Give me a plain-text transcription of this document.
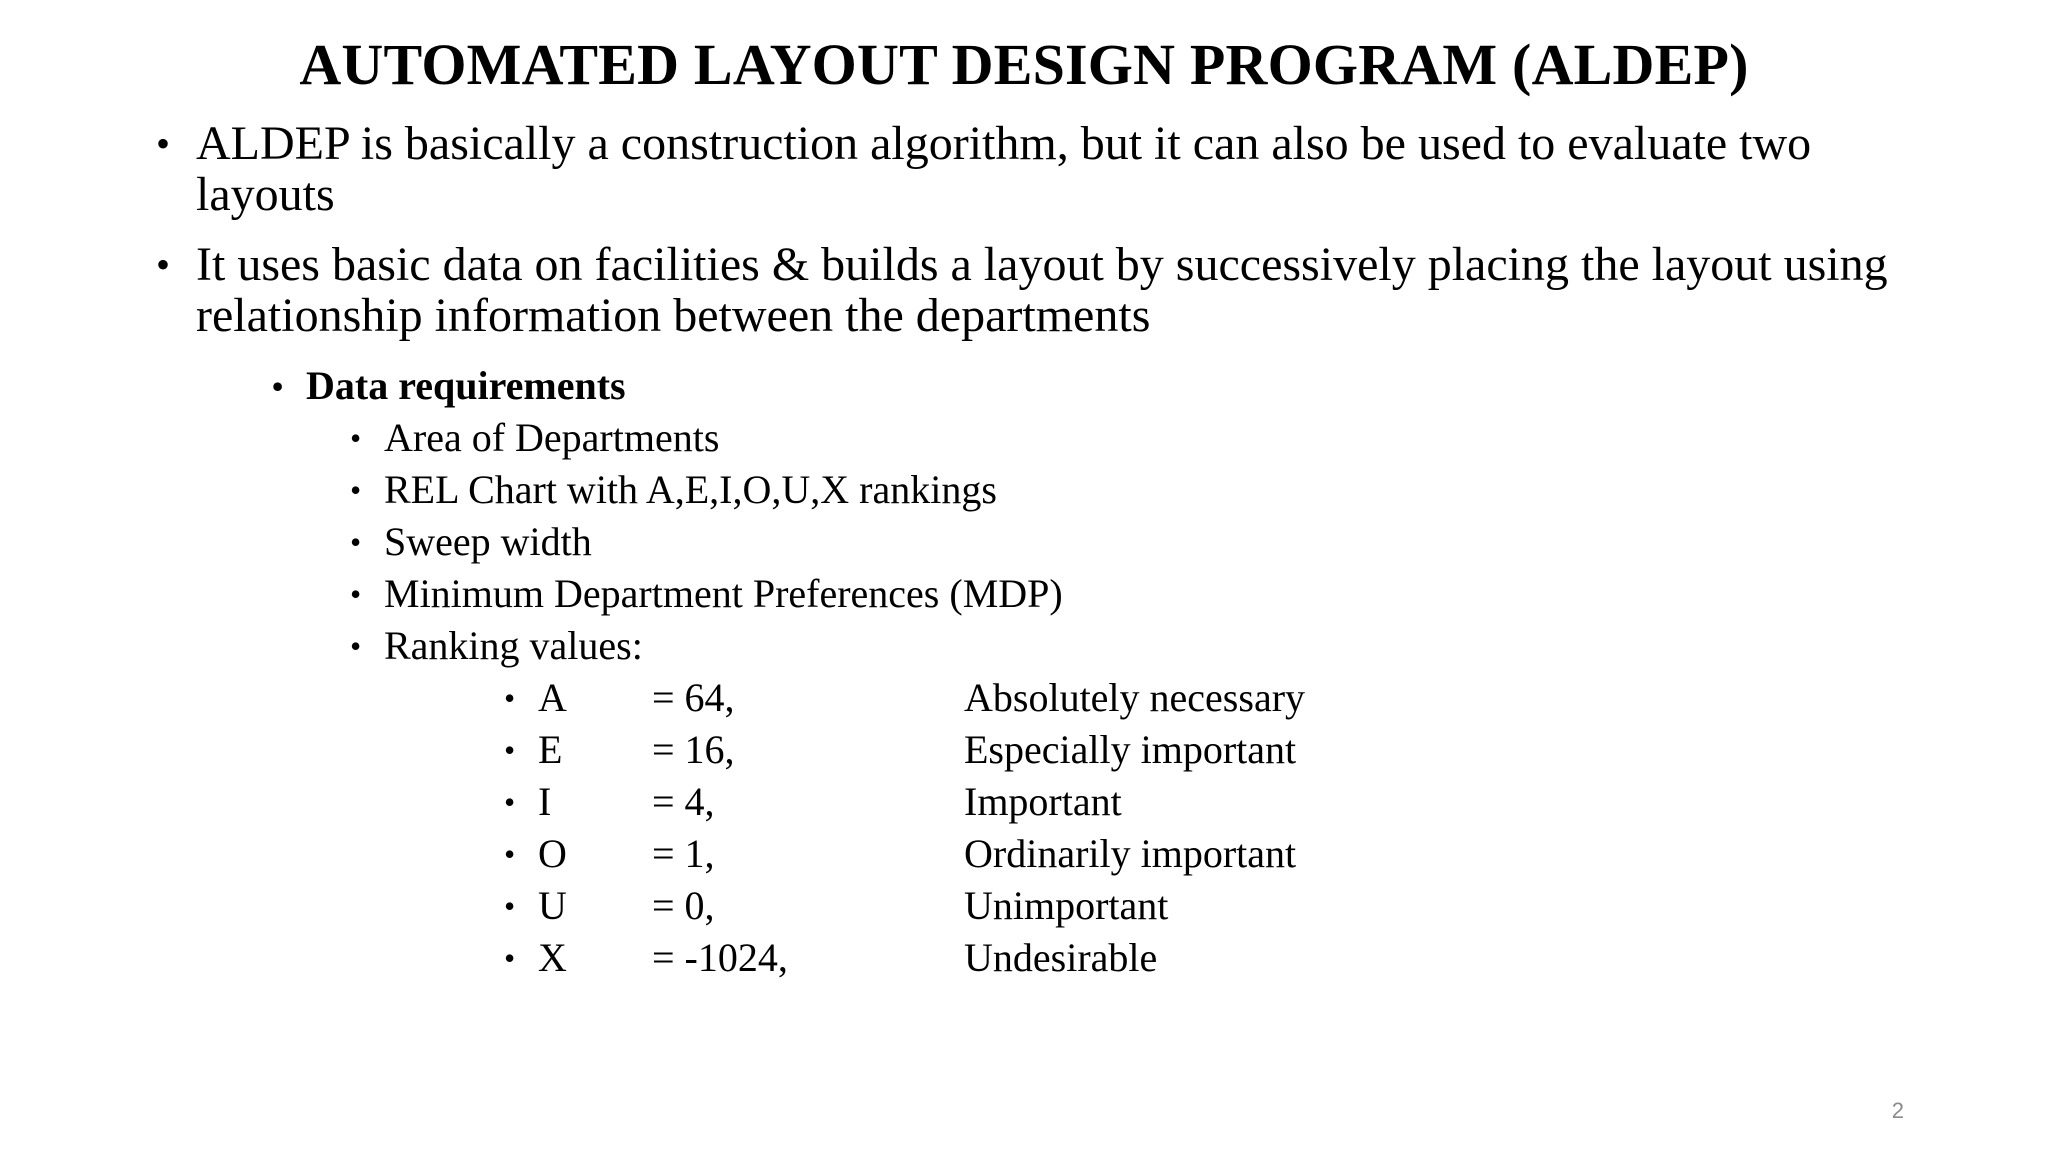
AUTOMATED LAYOUT DESIGN PROGRAM (ALDEP)
• ALDEP is basically a construction algorithm, but it can also be used to evaluate two layouts
• It uses basic data on facilities & builds a layout by successively placing the layout using relationship information between the departments
• Data requirements
• Area of Departments
• REL Chart with A,E,I,O,U,X rankings
• Sweep width
• Minimum Department Preferences (MDP)
• Ranking values:
• A	= 64,	Absolutely necessary
• E	= 16,	Especially important
• I	= 4,	Important
• O	= 1,	Ordinarily important
• U	= 0,	Unimportant
• X	= -1024,	Undesirable
2
